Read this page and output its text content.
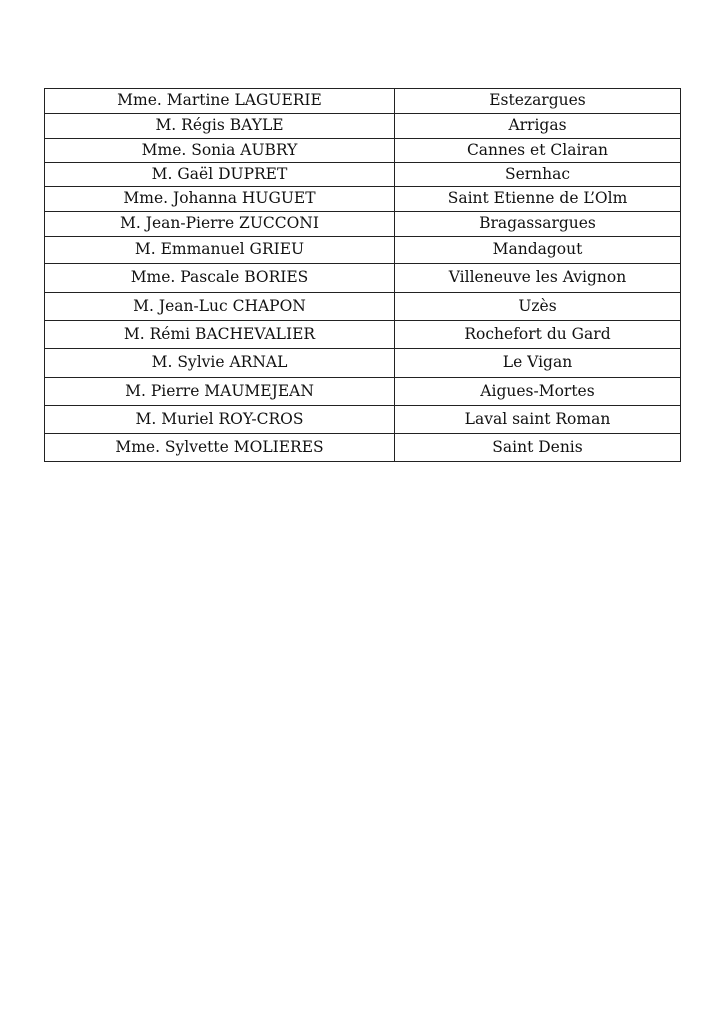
Mme. Martine LAGUERIE	Estezargues
M. Régis BAYLE	Arrigas
Mme. Sonia AUBRY	Cannes et Clairan
M. Gaël DUPRET	Sernhac
Mme. Johanna HUGUET	Saint Etienne de L’Olm
M. Jean-Pierre ZUCCONI	Bragassargues
M. Emmanuel GRIEU	Mandagout
Mme. Pascale BORIES	Villeneuve les Avignon
M. Jean-Luc CHAPON	Uzès
M. Rémi BACHEVALIER	Rochefort du Gard
M. Sylvie ARNAL	Le Vigan
M. Pierre MAUMEJEAN	Aigues-Mortes
M. Muriel ROY-CROS	Laval saint Roman
Mme. Sylvette MOLIERES	Saint Denis
